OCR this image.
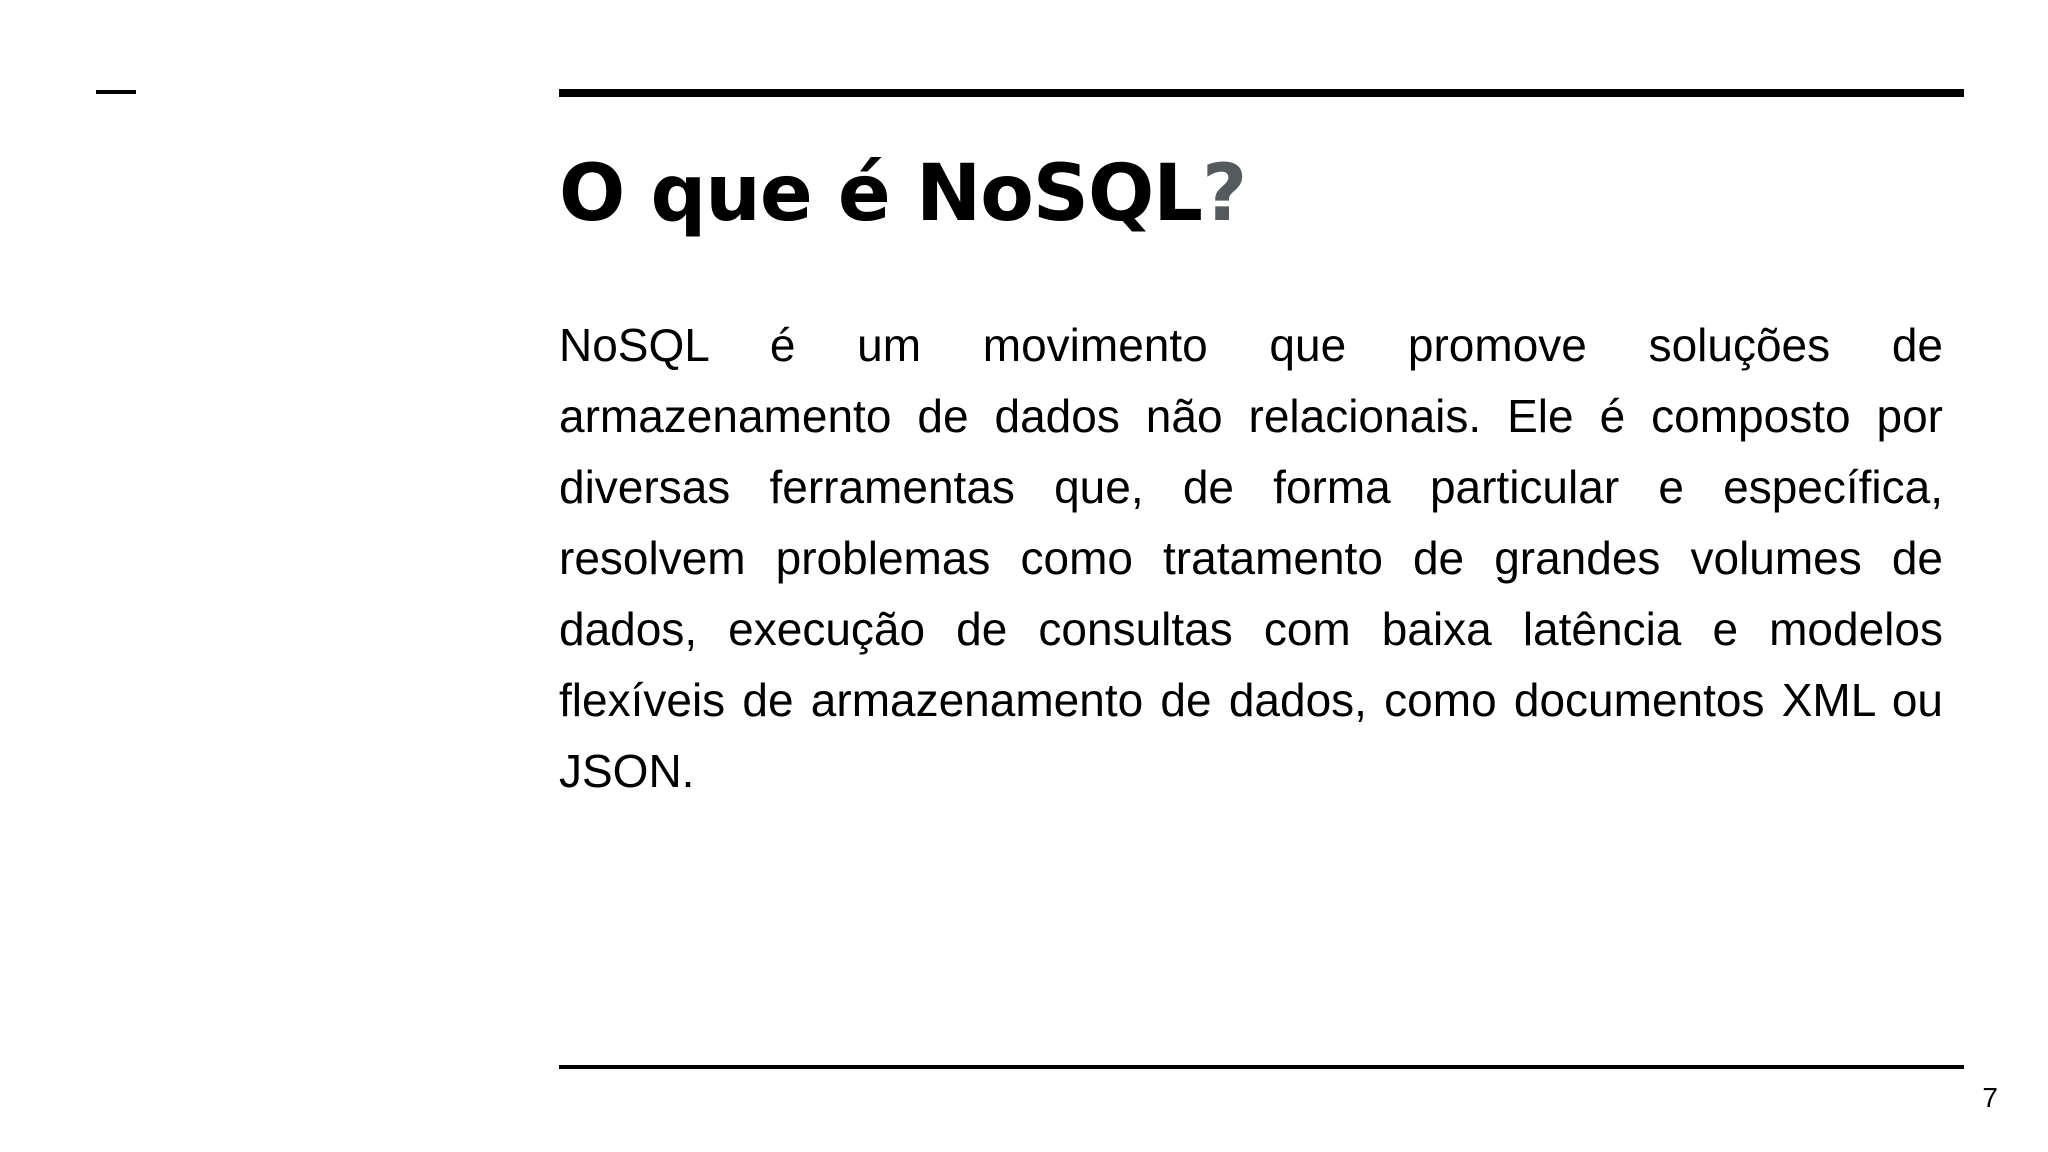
O que é NoSQL?

NoSQL é um movimento que promove soluções de armazenamento de dados não relacionais. Ele é composto por diversas ferramentas que, de forma particular e específica, resolvem problemas como tratamento de grandes volumes de dados, execução de consultas com baixa latência e modelos flexíveis de armazenamento de dados, como documentos XML ou JSON.

7
